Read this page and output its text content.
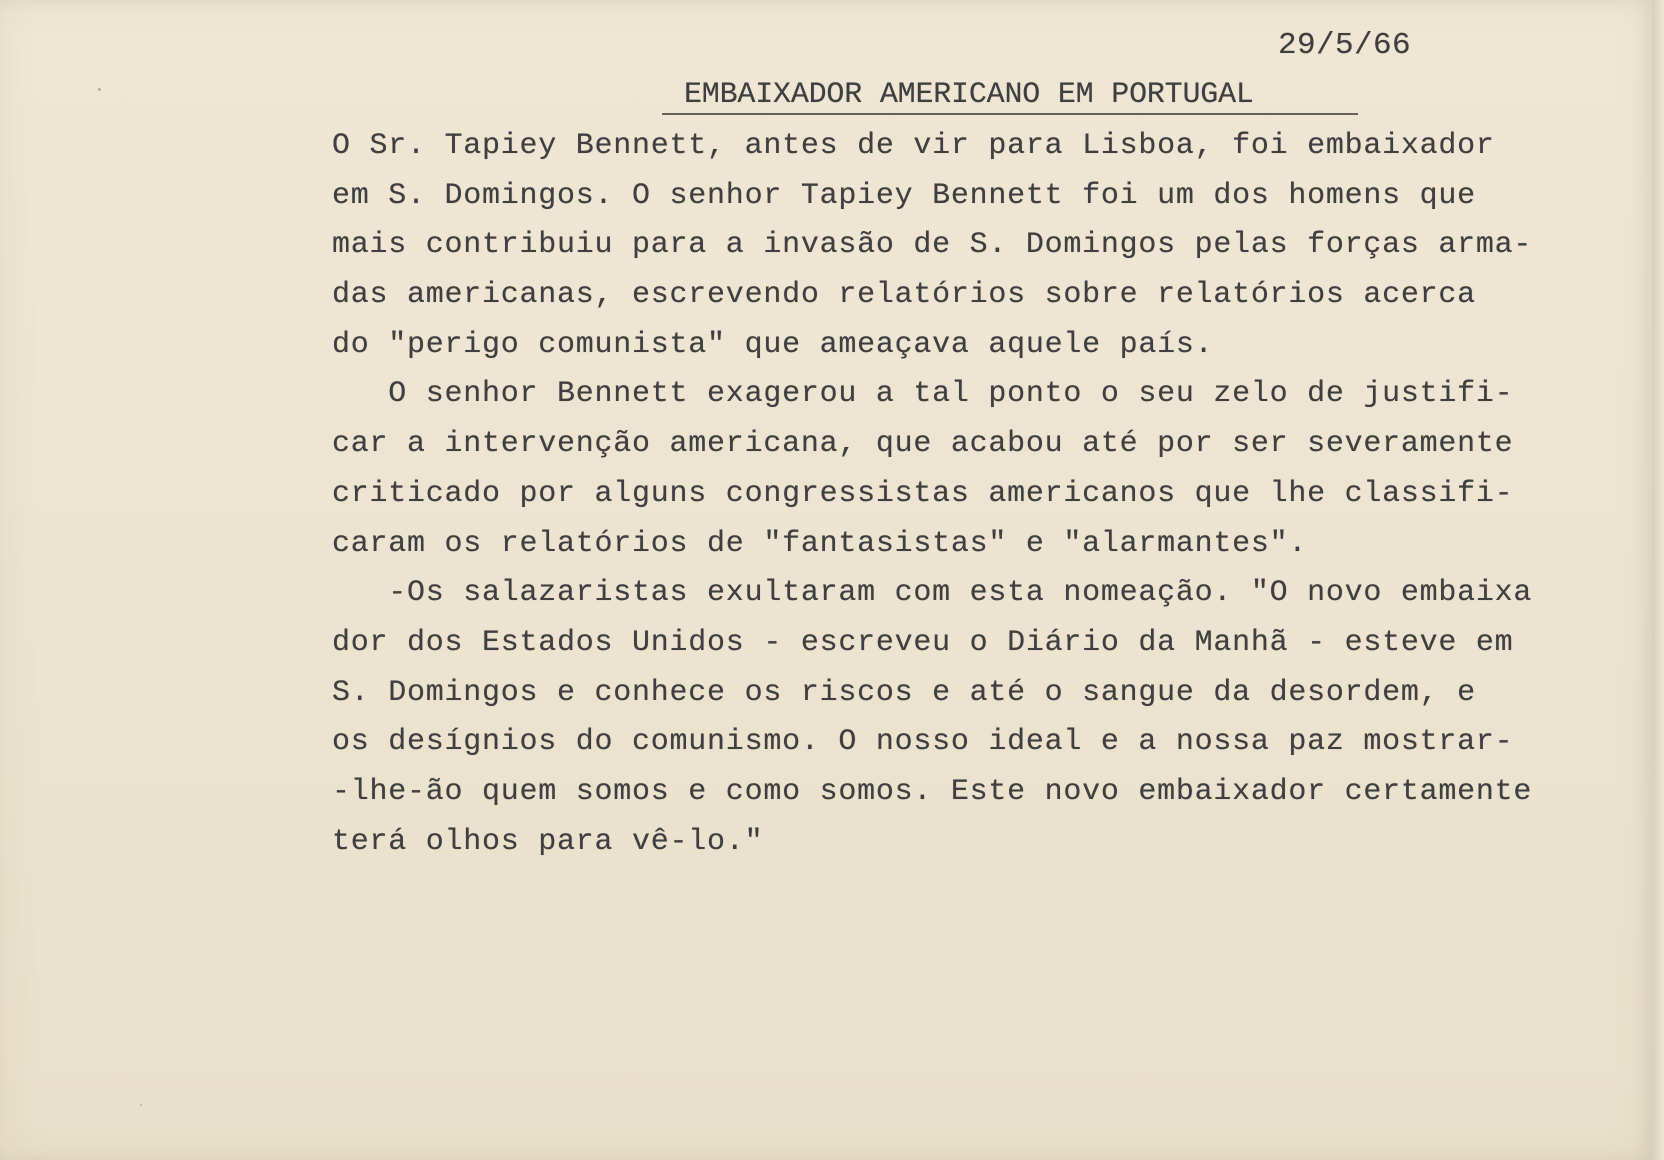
29/5/66
EMBAIXADOR AMERICANO EM PORTUGAL
O Sr. Tapiey Bennett, antes de vir para Lisboa, foi embaixador
em S. Domingos. O senhor Tapiey Bennett foi um dos homens que
mais contribuiu para a invasão de S. Domingos pelas forças arma-
das americanas, escrevendo relatórios sobre relatórios acerca
do "perigo comunista" que ameaçava aquele país.
O senhor Bennett exagerou a tal ponto o seu zelo de justifi-
car a intervenção americana, que acabou até por ser severamente
criticado por alguns congressistas americanos que lhe classifi-
caram os relatórios de "fantasistas" e "alarmantes".
-Os salazaristas exultaram com esta nomeação. "O novo embaixa
dor dos Estados Unidos - escreveu o Diário da Manhã - esteve em
S. Domingos e conhece os riscos e até o sangue da desordem, e
os desígnios do comunismo. O nosso ideal e a nossa paz mostrar-
-lhe-ão quem somos e como somos. Este novo embaixador certamente
terá olhos para vê-lo."
